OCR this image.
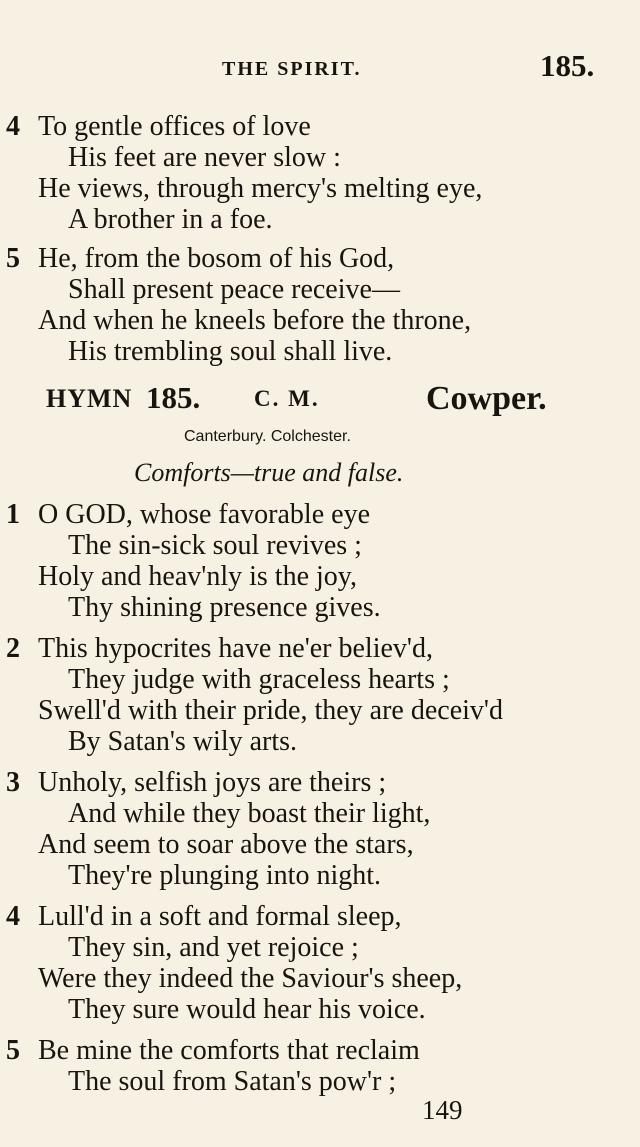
THE SPIRIT.	185.
4 To gentle offices of love
His feet are never slow :
He views, through mercy's melting eye,
A brother in a foe.
5 He, from the bosom of his God,
Shall present peace receive—
And when he kneels before the throne,
His trembling soul shall live.
HYMN 185. C. M.	Cowper.
Canterbury. Colchester.
Comforts—true and false.
1 O GOD, whose favorable eye
The sin-sick soul revives ;
Holy and heav'nly is the joy,
Thy shining presence gives.
2 This hypocrites have ne'er believ'd,
They judge with graceless hearts ;
Swell'd with their pride, they are deceiv'd
By Satan's wily arts.
3 Unholy, selfish joys are theirs ;
And while they boast their light,
And seem to soar above the stars,
They're plunging into night.
4 Lull'd in a soft and formal sleep,
They sin, and yet rejoice ;
Were they indeed the Saviour's sheep,
They sure would hear his voice.
5 Be mine the comforts that reclaim
The soul from Satan's pow'r ;
149
